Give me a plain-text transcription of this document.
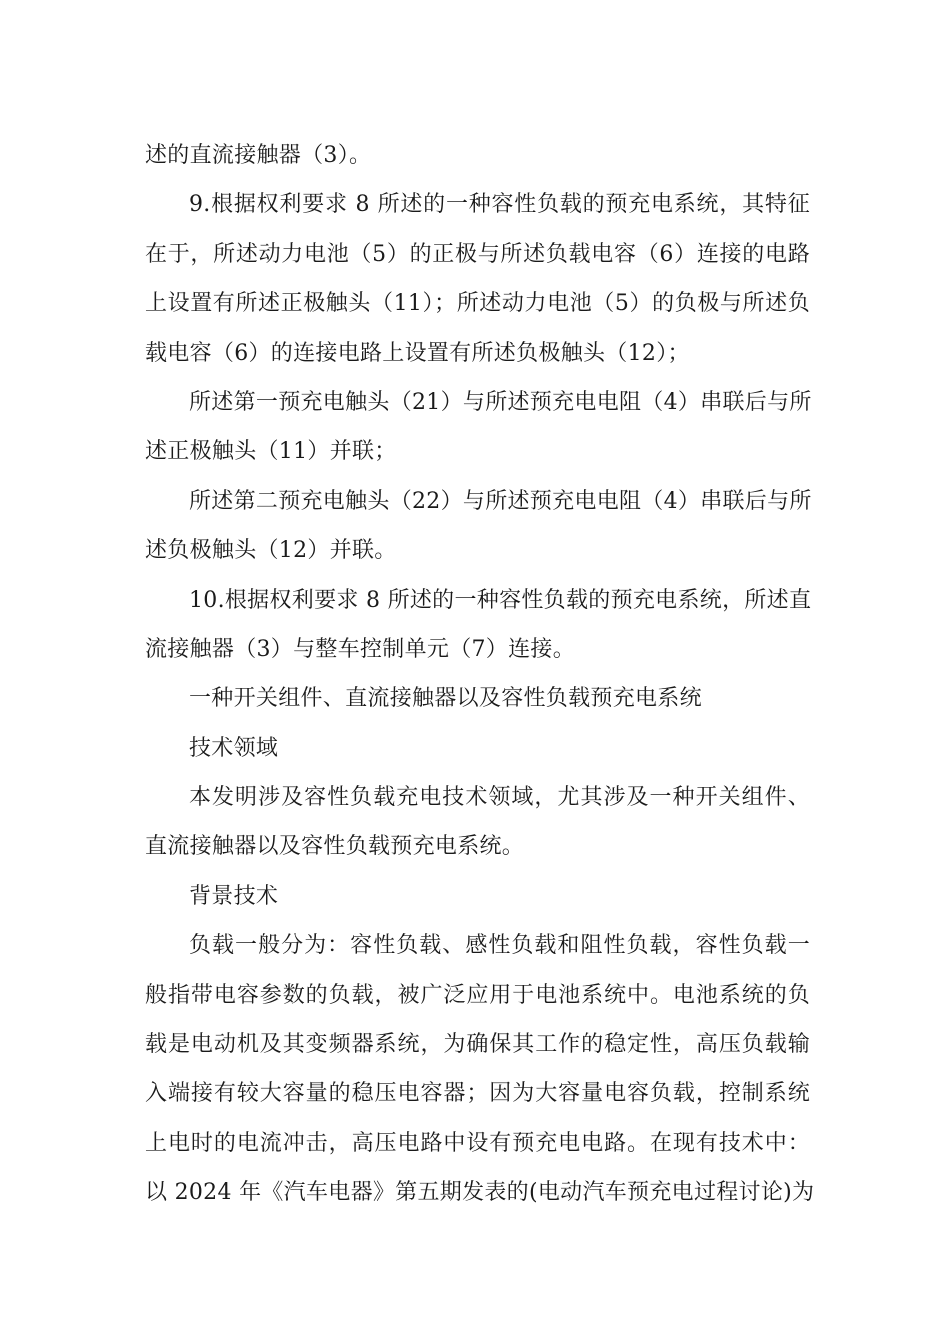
述的直流接触器（3）。
9.根据权利要求 8 所述的一种容性负载的预充电系统，其特征
在于，所述动力电池（5）的正极与所述负载电容（6）连接的电路
上设置有所述正极触头（11）；所述动力电池（5）的负极与所述负
载电容（6）的连接电路上设置有所述负极触头（12）；
所述第一预充电触头（21）与所述预充电电阻（4）串联后与所
述正极触头（11）并联；
所述第二预充电触头（22）与所述预充电电阻（4）串联后与所
述负极触头（12）并联。
10.根据权利要求 8 所述的一种容性负载的预充电系统，所述直
流接触器（3）与整车控制单元（7）连接。
一种开关组件、直流接触器以及容性负载预充电系统
技术领域
本发明涉及容性负载充电技术领域，尤其涉及一种开关组件、
直流接触器以及容性负载预充电系统。
背景技术
负载一般分为：容性负载、感性负载和阻性负载，容性负载一
般指带电容参数的负载，被广泛应用于电池系统中。电池系统的负
载是电动机及其变频器系统，为确保其工作的稳定性，高压负载输
入端接有较大容量的稳压电容器；因为大容量电容负载，控制系统
上电时的电流冲击，高压电路中设有预充电电路。在现有技术中：
以 2024 年《汽车电器》第五期发表的(电动汽车预充电过程讨论)为
